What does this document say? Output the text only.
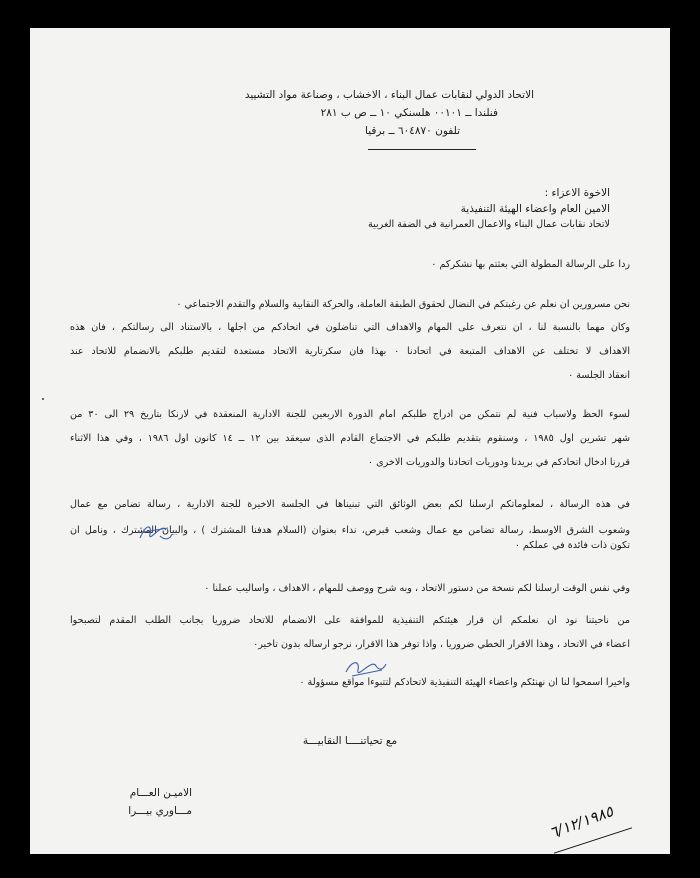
الاتحاد الدولي لنقابات عمال البناء ، الاخشاب ، وصناعة مواد التشييد
فنلندا ــ ٠٠١٠١ هلسنكي ١٠ ــ ص ب ٢٨١
تلفون ٦٠٤٨٧٠ ــ برقيا
الاخوة الاعزاء :
الامين العام واعضاء الهيئة التنفيذية
لاتحاد نقابات عمال البناء والاعمال العمرانية في الضفة الغربية
ردا على الرسالة المطولة التي بعثتم بها نشكركم ٠
نحن مسرورين ان نعلم عن رغبتكم في النضال لحقوق الطبقة العاملة، والحركة النقابية والسلام والتقدم الاجتماعي ٠
وكان مهما بالنسبة لنا ، ان نتعرف على المهام والاهداف التي تناضلون في اتحادكم من اجلها ، بالاستناد الى رسالتكم ، فان هذه
الاهداف لا تختلف عن الاهداف المتبعة في اتحادنا ٠ بهذا فان سكرتارية الاتحاد مستعدة لتقديم طلبكم بالانضمام للاتحاد عند
انعقاد الجلسة ٠
لسوء الحظ ولاسباب فنية لم نتمكن من ادراج طلبكم امام الدورة الاربعين للجنة الادارية المنعقدة في لارنكا بتاريخ ٢٩ الى ٣٠ من
شهر تشرين اول ١٩٨٥ ، وسنقوم بتقديم طلبكم في الاجتماع القادم الذى سيعقد بين ١٢ ــ ١٤ كانون اول ١٩٨٦ ، وفي هذا الاثناء
قررنا ادخال اتحادكم في بريدنا ودوريات اتحادنا والدوريات الاخرى ٠
في هذه الرسالة ، لمعلوماتكم ارسلنا لكم بعض الوثائق التي تبنيناها في الجلسة الاخيرة للجنة الادارية ، رسالة تضامن مع عمال
وشعوب الشرق الاوسط، رسالة تضامن مع عمال وشعب قبرص، نداء بعنوان (السلام هدفنا المشترك ) ، والبيان المشترك ، ونامل ان
تكون ذات فائدة في عملكم ٠
وفي نفس الوقت ارسلنا لكم نسخة من دستور الاتحاد ، وبه شرح ووصف للمهام ، الاهداف ، واساليب عملنا ٠
من ناحيتنا نود ان نعلمكم ان قرار هيئتكم التنفيذية للموافقة على الانضمام للاتحاد ضروريا بجانب الطلب المقدم لتصبحوا
اعضاء في الاتحاد ، وهذا الاقرار الخطي ضروريا ، واذا توفر هذا الاقرار، نرجو ارساله بدون تاخير٠
واخيرا اسمحوا لنا ان نهنئكم واعضاء الهيئة التنفيذية لاتحادكم لتتبوءا مواقع مسؤولة ٠
مع تحياتنــــا النقابيـــة
الاميـن العـــام
مـــاوري بيـــرا	٦/١٢/١٩٨٥
